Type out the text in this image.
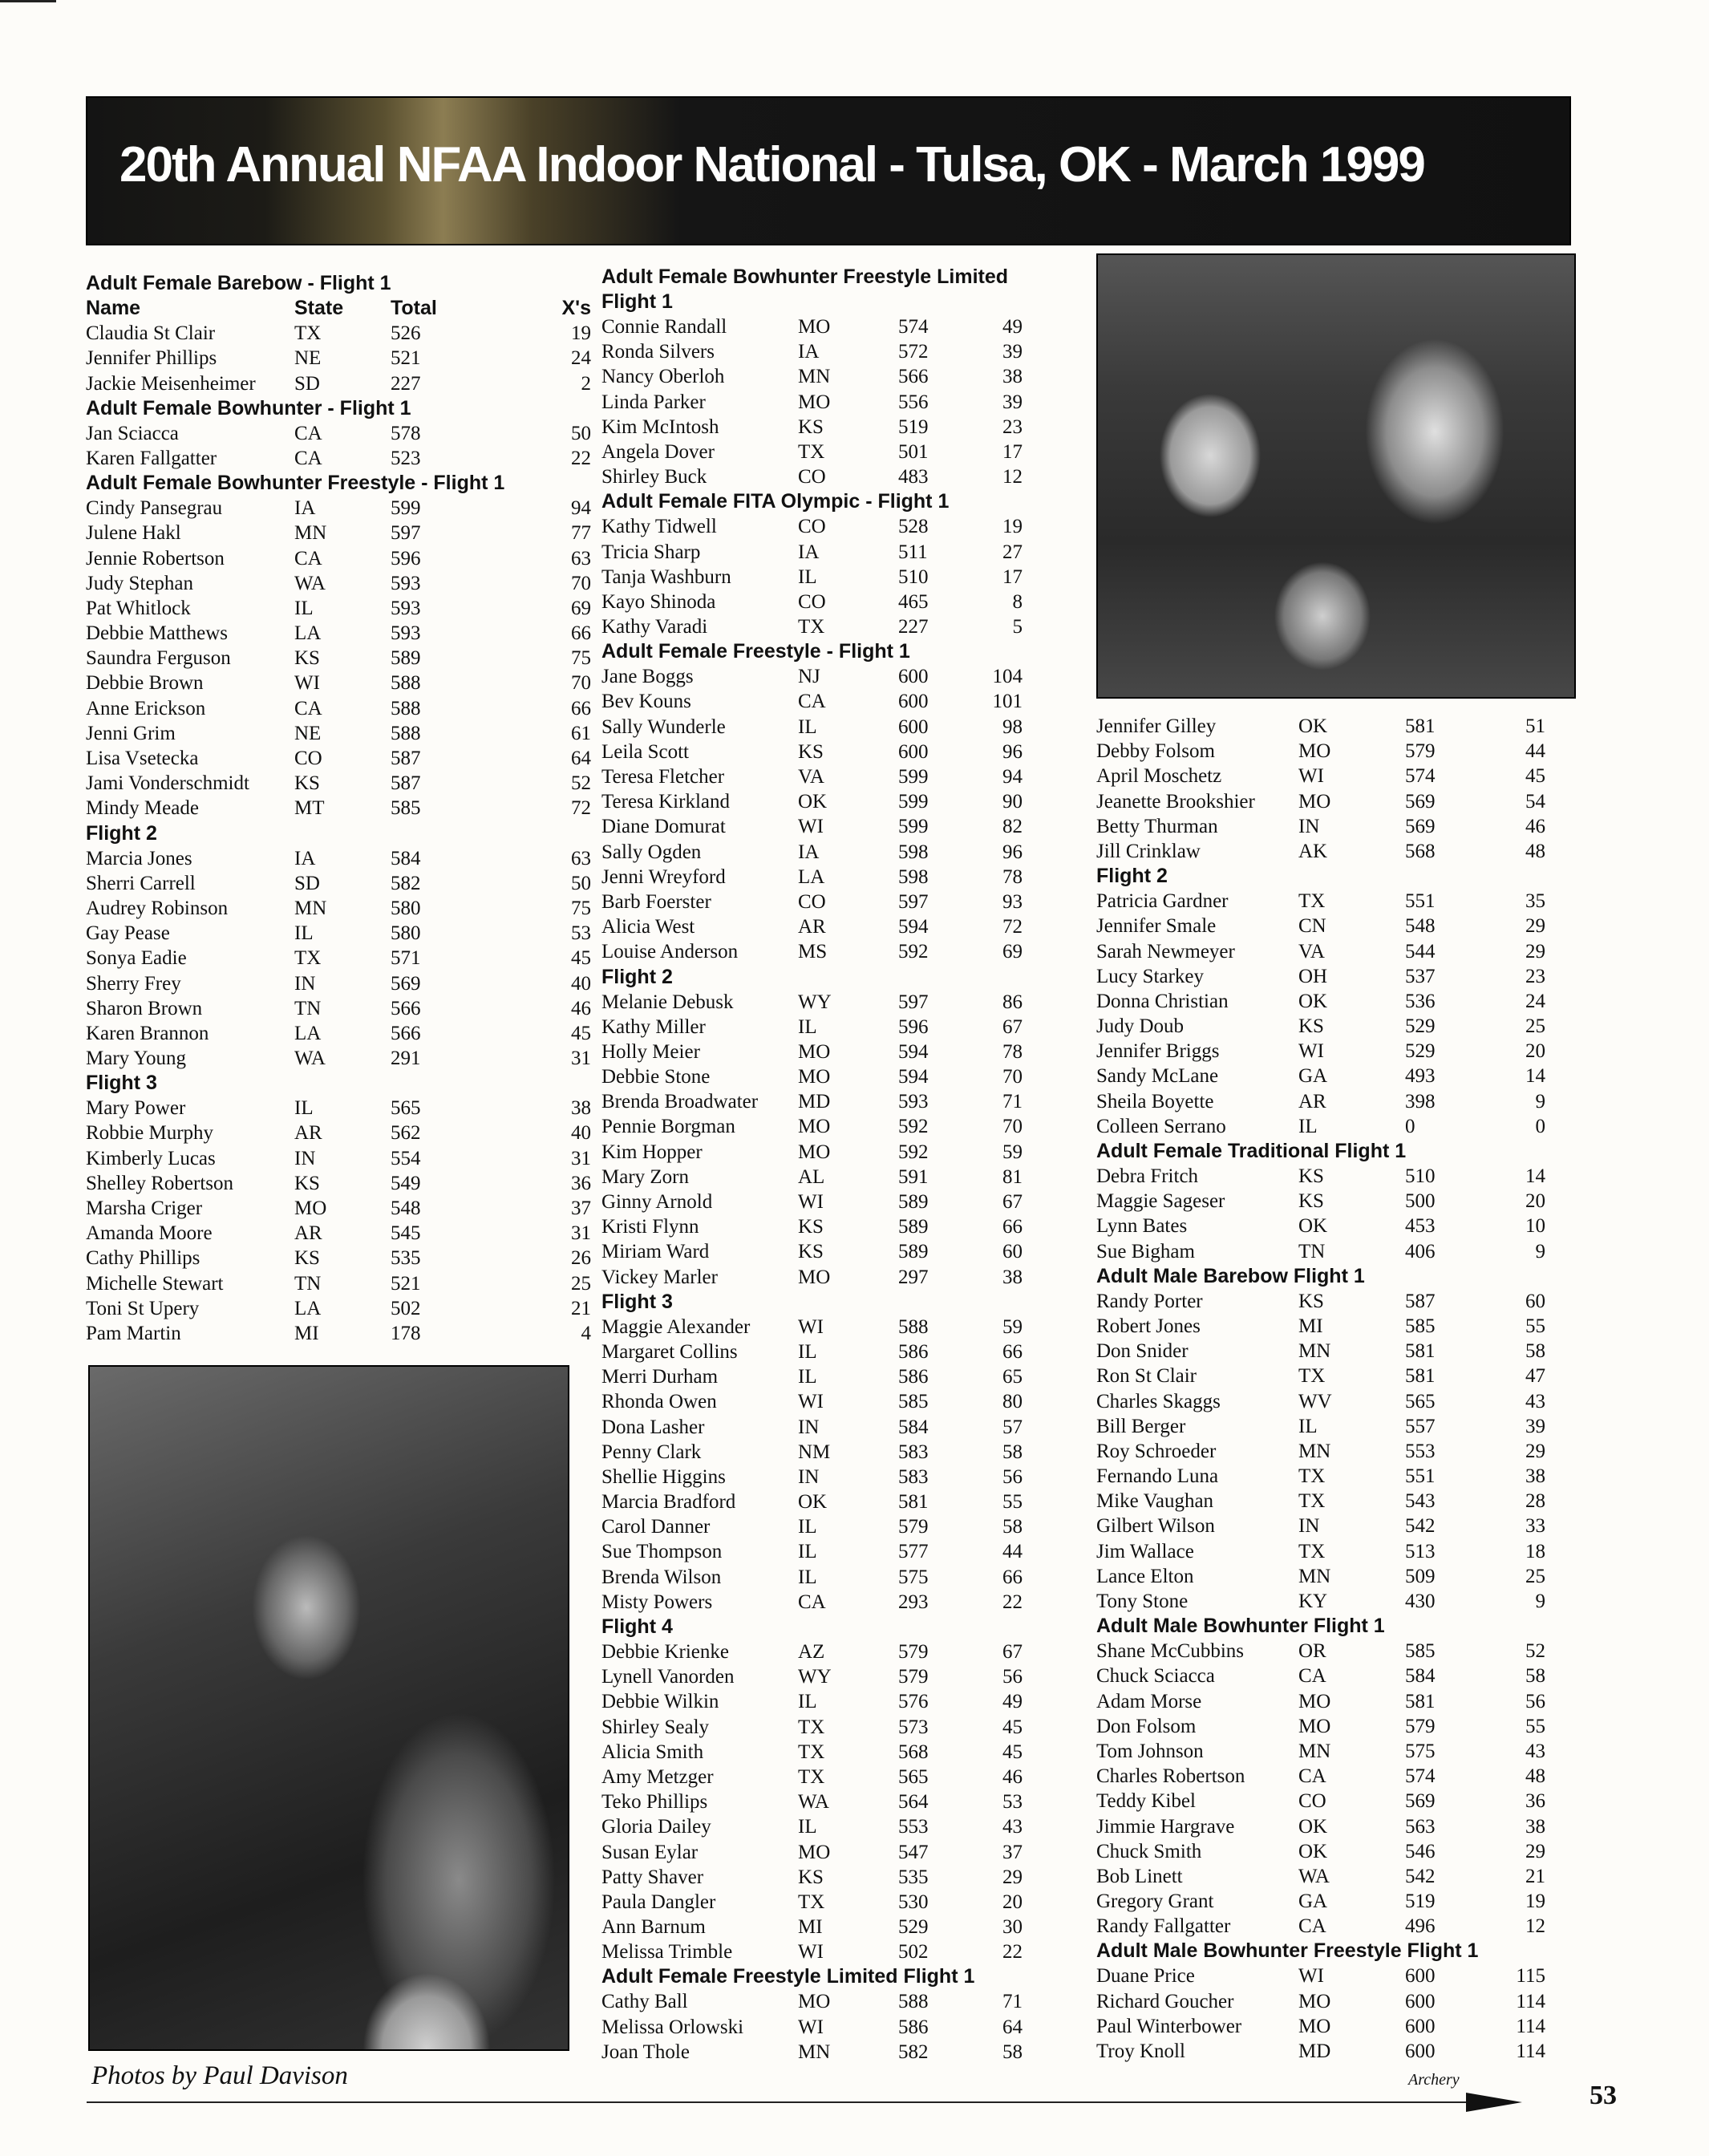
20th Annual NFAA Indoor National - Tulsa, OK - March 1999
Adult Female Barebow - Flight 1
Name	State Total	X's
Claudia St Clair	TX	526	19
Jennifer Phillips	NE	521	24
Jackie Meisenheimer SD	227	2
Adult Female Bowhunter - Flight 1
Jan Sciacca	CA	578	50
Karen Fallgatter	CA	523	22
Adult Female Bowhunter Freestyle - Flight 1
Cindy Pansegrau	IA	599	94
Julene Hakl	MN	597	77
Jennie Robertson	CA	596	63
Judy Stephan	WA	593	70
Pat Whitlock	IL	593	69
Debbie Matthews	LA	593	66
Saundra Ferguson	KS	589	75
Debbie Brown	WI	588	70
Anne Erickson	CA	588	66
Jenni Grim	NE	588	61
Lisa Vsetecka	CO	587	64
Jami Vonderschmidt KS	587	52
Mindy Meade	MT	585	72
Flight 2
Marcia Jones	IA	584	63
Sherri Carrell	SD	582	50
Audrey Robinson	MN	580	75
Gay Pease	IL	580	53
Sonya Eadie	TX	571	45
Sherry Frey	IN	569	40
Sharon Brown	TN	566	46
Karen Brannon	LA	566	45
Mary Young	WA	291	31
Flight 3
Mary Power	IL	565	38
Robbie Murphy	AR	562	40
Kimberly Lucas	IN	554	31
Shelley Robertson	KS	549	36
Marsha Criger	MO	548	37
Amanda Moore	AR	545	31
Cathy Phillips	KS	535	26
Michelle Stewart	TN	521	25
Toni St Upery	LA	502	21
Pam Martin	MI	178	4
Adult Female Bowhunter Freestyle Limited
Flight 1
Connie Randall	MO	574	49
Ronda Silvers	IA	572	39
Nancy Oberloh	MN	566	38
Linda Parker	MO	556	39
Kim McIntosh	KS	519	23
Angela Dover	TX	501	17
Shirley Buck	CO	483	12
Adult Female FITA Olympic - Flight 1
Kathy Tidwell	CO	528	19
Tricia Sharp	IA	511	27
Tanja Washburn	IL	510	17
Kayo Shinoda	CO	465	8
Kathy Varadi	TX	227	5
Adult Female Freestyle - Flight 1
Jane Boggs	NJ	600	104
Bev Kouns	CA	600	101
Sally Wunderle	IL	600	98
Leila Scott	KS	600	96
Teresa Fletcher	VA	599	94
Teresa Kirkland	OK	599	90
Diane Domurat	WI	599	82
Sally Ogden	IA	598	96
Jenni Wreyford	LA	598	78
Barb Foerster	CO	597	93
Alicia West	AR	594	72
Louise Anderson	MS	592	69
Flight 2
Melanie Debusk	WY	597	86
Kathy Miller	IL	596	67
Holly Meier	MO	594	78
Debbie Stone	MO	594	70
Brenda Broadwater MD	593	71
Pennie Borgman	MO	592	70
Kim Hopper	MO	592	59
Mary Zorn	AL	591	81
Ginny Arnold	WI	589	67
Kristi Flynn	KS	589	66
Miriam Ward	KS	589	60
Vickey Marler	MO	297	38
Flight 3
Maggie Alexander WI	588	59
Margaret Collins	IL	586	66
Merri Durham	IL	586	65
Rhonda Owen	WI	585	80
Dona Lasher	IN	584	57
Penny Clark	NM	583	58
Shellie Higgins	IN	583	56
Marcia Bradford	OK	581	55
Carol Danner	IL	579	58
Sue Thompson	IL	577	44
Brenda Wilson	IL	575	66
Misty Powers	CA	293	22
Flight 4
Debbie Krienke	AZ	579	67
Lynell Vanorden	WY	579	56
Debbie Wilkin	IL	576	49
Shirley Sealy	TX	573	45
Alicia Smith	TX	568	45
Amy Metzger	TX	565	46
Teko Phillips	WA	564	53
Gloria Dailey	IL	553	43
Susan Eylar	MO	547	37
Patty Shaver	KS	535	29
Paula Dangler	TX	530	20
Ann Barnum	MI	529	30
Melissa Trimble	WI	502	22
Adult Female Freestyle Limited Flight 1
Cathy Ball	MO	588	71
Melissa Orlowski	WI	586	64
Joan Thole	MN	582	58
Jennifer Gilley	OK	581	51
Debby Folsom	MO	579	44
April Moschetz	WI	574	45
Jeanette Brookshier MO	569	54
Betty Thurman	IN	569	46
Jill Crinklaw	AK	568	48
Flight 2
Patricia Gardner	TX	551	35
Jennifer Smale	CN	548	29
Sarah Newmeyer	VA	544	29
Lucy Starkey	OH	537	23
Donna Christian	OK	536	24
Judy Doub	KS	529	25
Jennifer Briggs	WI	529	20
Sandy McLane	GA	493	14
Sheila Boyette	AR	398	9
Colleen Serrano	IL	0	0
Adult Female Traditional Flight 1
Debra Fritch	KS	510	14
Maggie Sageser	KS	500	20
Lynn Bates	OK	453	10
Sue Bigham	TN	406	9
Adult Male Barebow Flight 1
Randy Porter	KS	587	60
Robert Jones	MI	585	55
Don Snider	MN	581	58
Ron St Clair	TX	581	47
Charles Skaggs	WV	565	43
Bill Berger	IL	557	39
Roy Schroeder	MN	553	29
Fernando Luna	TX	551	38
Mike Vaughan	TX	543	28
Gilbert Wilson	IN	542	33
Jim Wallace	TX	513	18
Lance Elton	MN	509	25
Tony Stone	KY	430	9
Adult Male Bowhunter Flight 1
Shane McCubbins	OR	585	52
Chuck Sciacca	CA	584	58
Adam Morse	MO	581	56
Don Folsom	MO	579	55
Tom Johnson	MN	575	43
Charles Robertson	CA	574	48
Teddy Kibel	CO	569	36
Jimmie Hargrave	OK	563	38
Chuck Smith	OK	546	29
Bob Linett	WA	542	21
Gregory Grant	GA	519	19
Randy Fallgatter	CA	496	12
Adult Male Bowhunter Freestyle Flight 1
Duane Price	WI	600	115
Richard Goucher	MO	600	114
Paul Winterbower	MO	600	114
Troy Knoll	MD	600	114
Photos by Paul Davison	Archery
53
